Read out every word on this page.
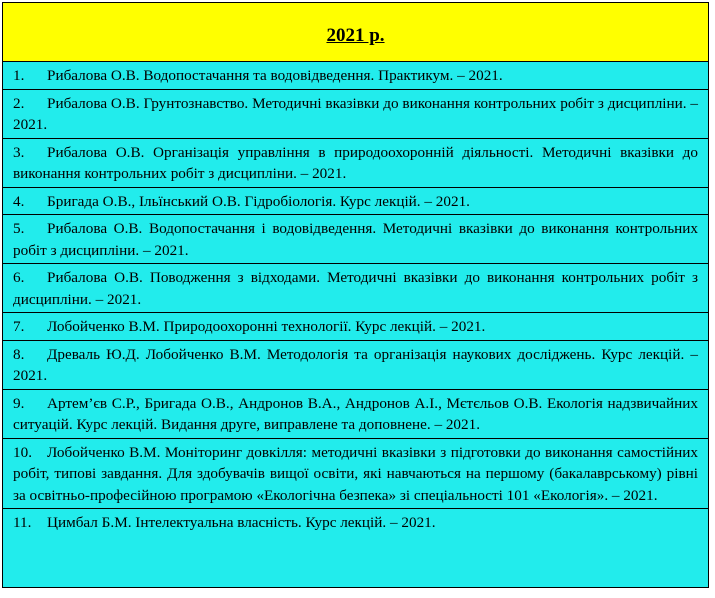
2021 р.
1. Рибалова О.В. Водопостачання та водовідведення. Практикум. – 2021.
2. Рибалова О.В. Грунтознавство. Методичні вказівки до виконання контрольних робіт з дисципліни. – 2021.
3. Рибалова О.В. Організація управління в природоохоронній діяльності. Методичні вказівки до виконання контрольних робіт з дисципліни. – 2021.
4. Бригада О.В., Ільїнський О.В. Гідробіологія. Курс лекцій. – 2021.
5. Рибалова О.В. Водопостачання і водовідведення. Методичні вказівки до виконання контрольних робіт з дисципліни. – 2021.
6. Рибалова О.В. Поводження з відходами. Методичні вказівки до виконання контрольних робіт з дисципліни. – 2021.
7. Лобойченко В.М. Природоохоронні технології. Курс лекцій. – 2021.
8. Древаль Ю.Д. Лобойченко В.М. Методологія та організація наукових досліджень. Курс лекцій. – 2021.
9. Артем’єв С.Р., Бригада О.В., Андронов В.А., Андронов А.І., Мєтєльов О.В. Екологія надзвичайних ситуацій. Курс лекцій. Видання друге, виправлене та доповнене. – 2021.
10. Лобойченко В.М. Моніторинг довкілля: методичні вказівки з підготовки до виконання самостійних робіт, типові завдання. Для здобувачів вищої освіти, які навчаються на першому (бакалаврському) рівні за освітньо-професійною програмою «Екологічна безпека» зі спеціальності 101 «Екологія». – 2021.
11. Цимбал Б.М. Інтелектуальна власність. Курс лекцій. – 2021.
